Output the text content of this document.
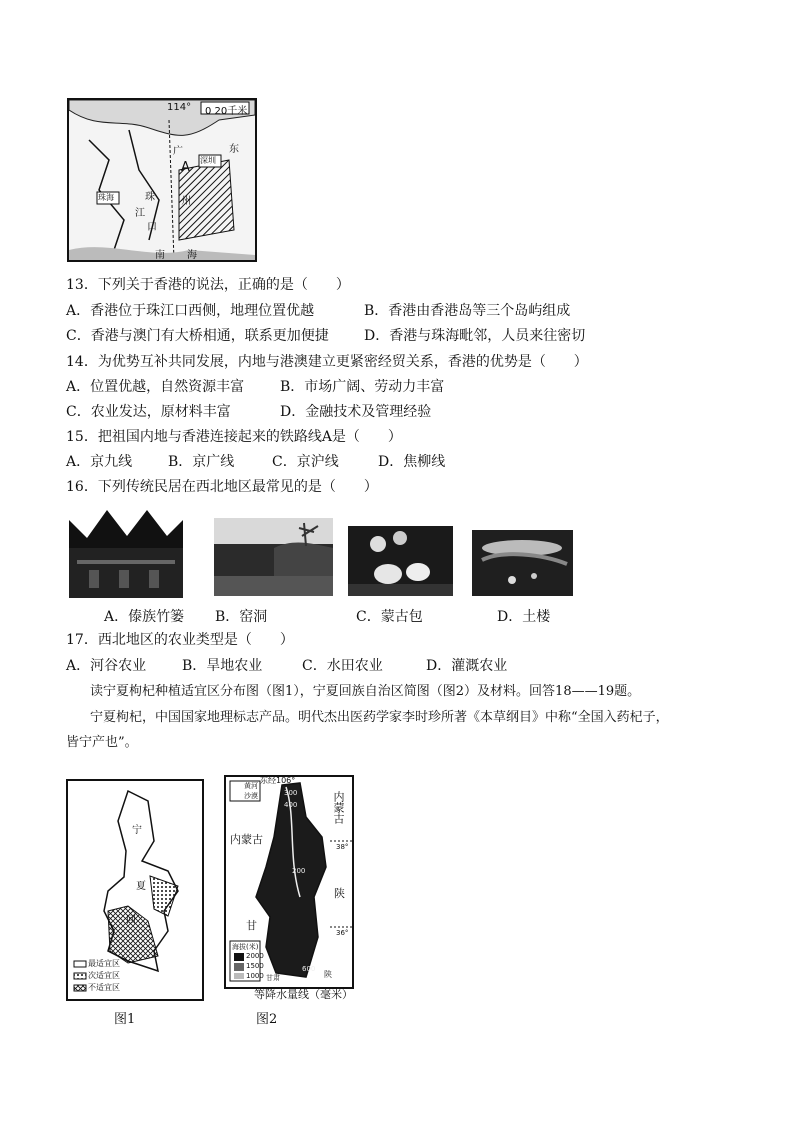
114° 0 20千米
广	东
A 深圳
州
珠海
江
珠
口
南 海
13．下列关于香港的说法，正确的是（　　）
A．香港位于珠江口西侧，地理位置优越	B．香港由香港岛等三个岛屿组成
C．香港与澳门有大桥相通，联系更加便捷	D．香港与珠海毗邻，人员来往密切
14．为优势互补共同发展，内地与港澳建立更紧密经贸关系，香港的优势是（　　）
A．位置优越，自然资源丰富	B．市场广阔、劳动力丰富
C．农业发达，原材料丰富	D．金融技术及管理经验
15．把祖国内地与香港连接起来的铁路线A是（　　）
A．京九线	B．京广线	C．京沪线	D．焦柳线
16．下列传统民居在西北地区最常见的是（　　）
A．傣族竹篓 B．窑洞	C．蒙古包	D．土楼
17．西北地区的农业类型是（　　）
A．河谷农业	B．旱地农业	C．水田农业	D．灌溉农业
读宁夏枸杞种植适宜区分布图（图1），宁夏回族自治区简图（图2）及材料。回答18——19题。
宁夏枸杞，中国国家地理标志产品。明代杰出医药学家李时珍所著《本草纲目》中称“全国入药杞子，
皆宁产也”。
宁
夏
回
最适宜区
次适宜区
不适宜区
图1
东经106°
黄河
沙漠	300
400
200
600
内蒙古
内蒙古
38°
陕
甘
36°
甘肃	陕
海拔(米)
2000
1500
1000
等降水量线（毫米）
图2
